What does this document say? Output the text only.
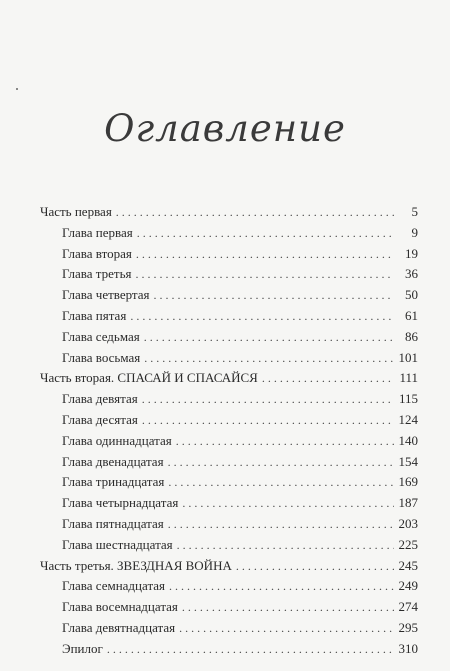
Оглавление
Часть первая . . .	5
Глава первая . . .	9
Глава вторая . . .	19
Глава третья . . .	36
Глава четвертая . . .	50
Глава пятая . . .	61
Глава седьмая . . .	86
Глава восьмая . . .	101
Часть вторая. СПАСАЙ И СПАСАЙСЯ . . .	111
Глава девятая . . .	115
Глава десятая . . .	124
Глава одиннадцатая . . .	140
Глава двенадцатая . . .	154
Глава тринадцатая . . .	169
Глава четырнадцатая . . .	187
Глава пятнадцатая . . .	203
Глава шестнадцатая . . .	225
Часть третья. ЗВЕЗДНАЯ ВОЙНА . . .	245
Глава семнадцатая . . .	249
Глава восемнадцатая . . .	274
Глава девятнадцатая . . .	295
Эпилог . . .	310
